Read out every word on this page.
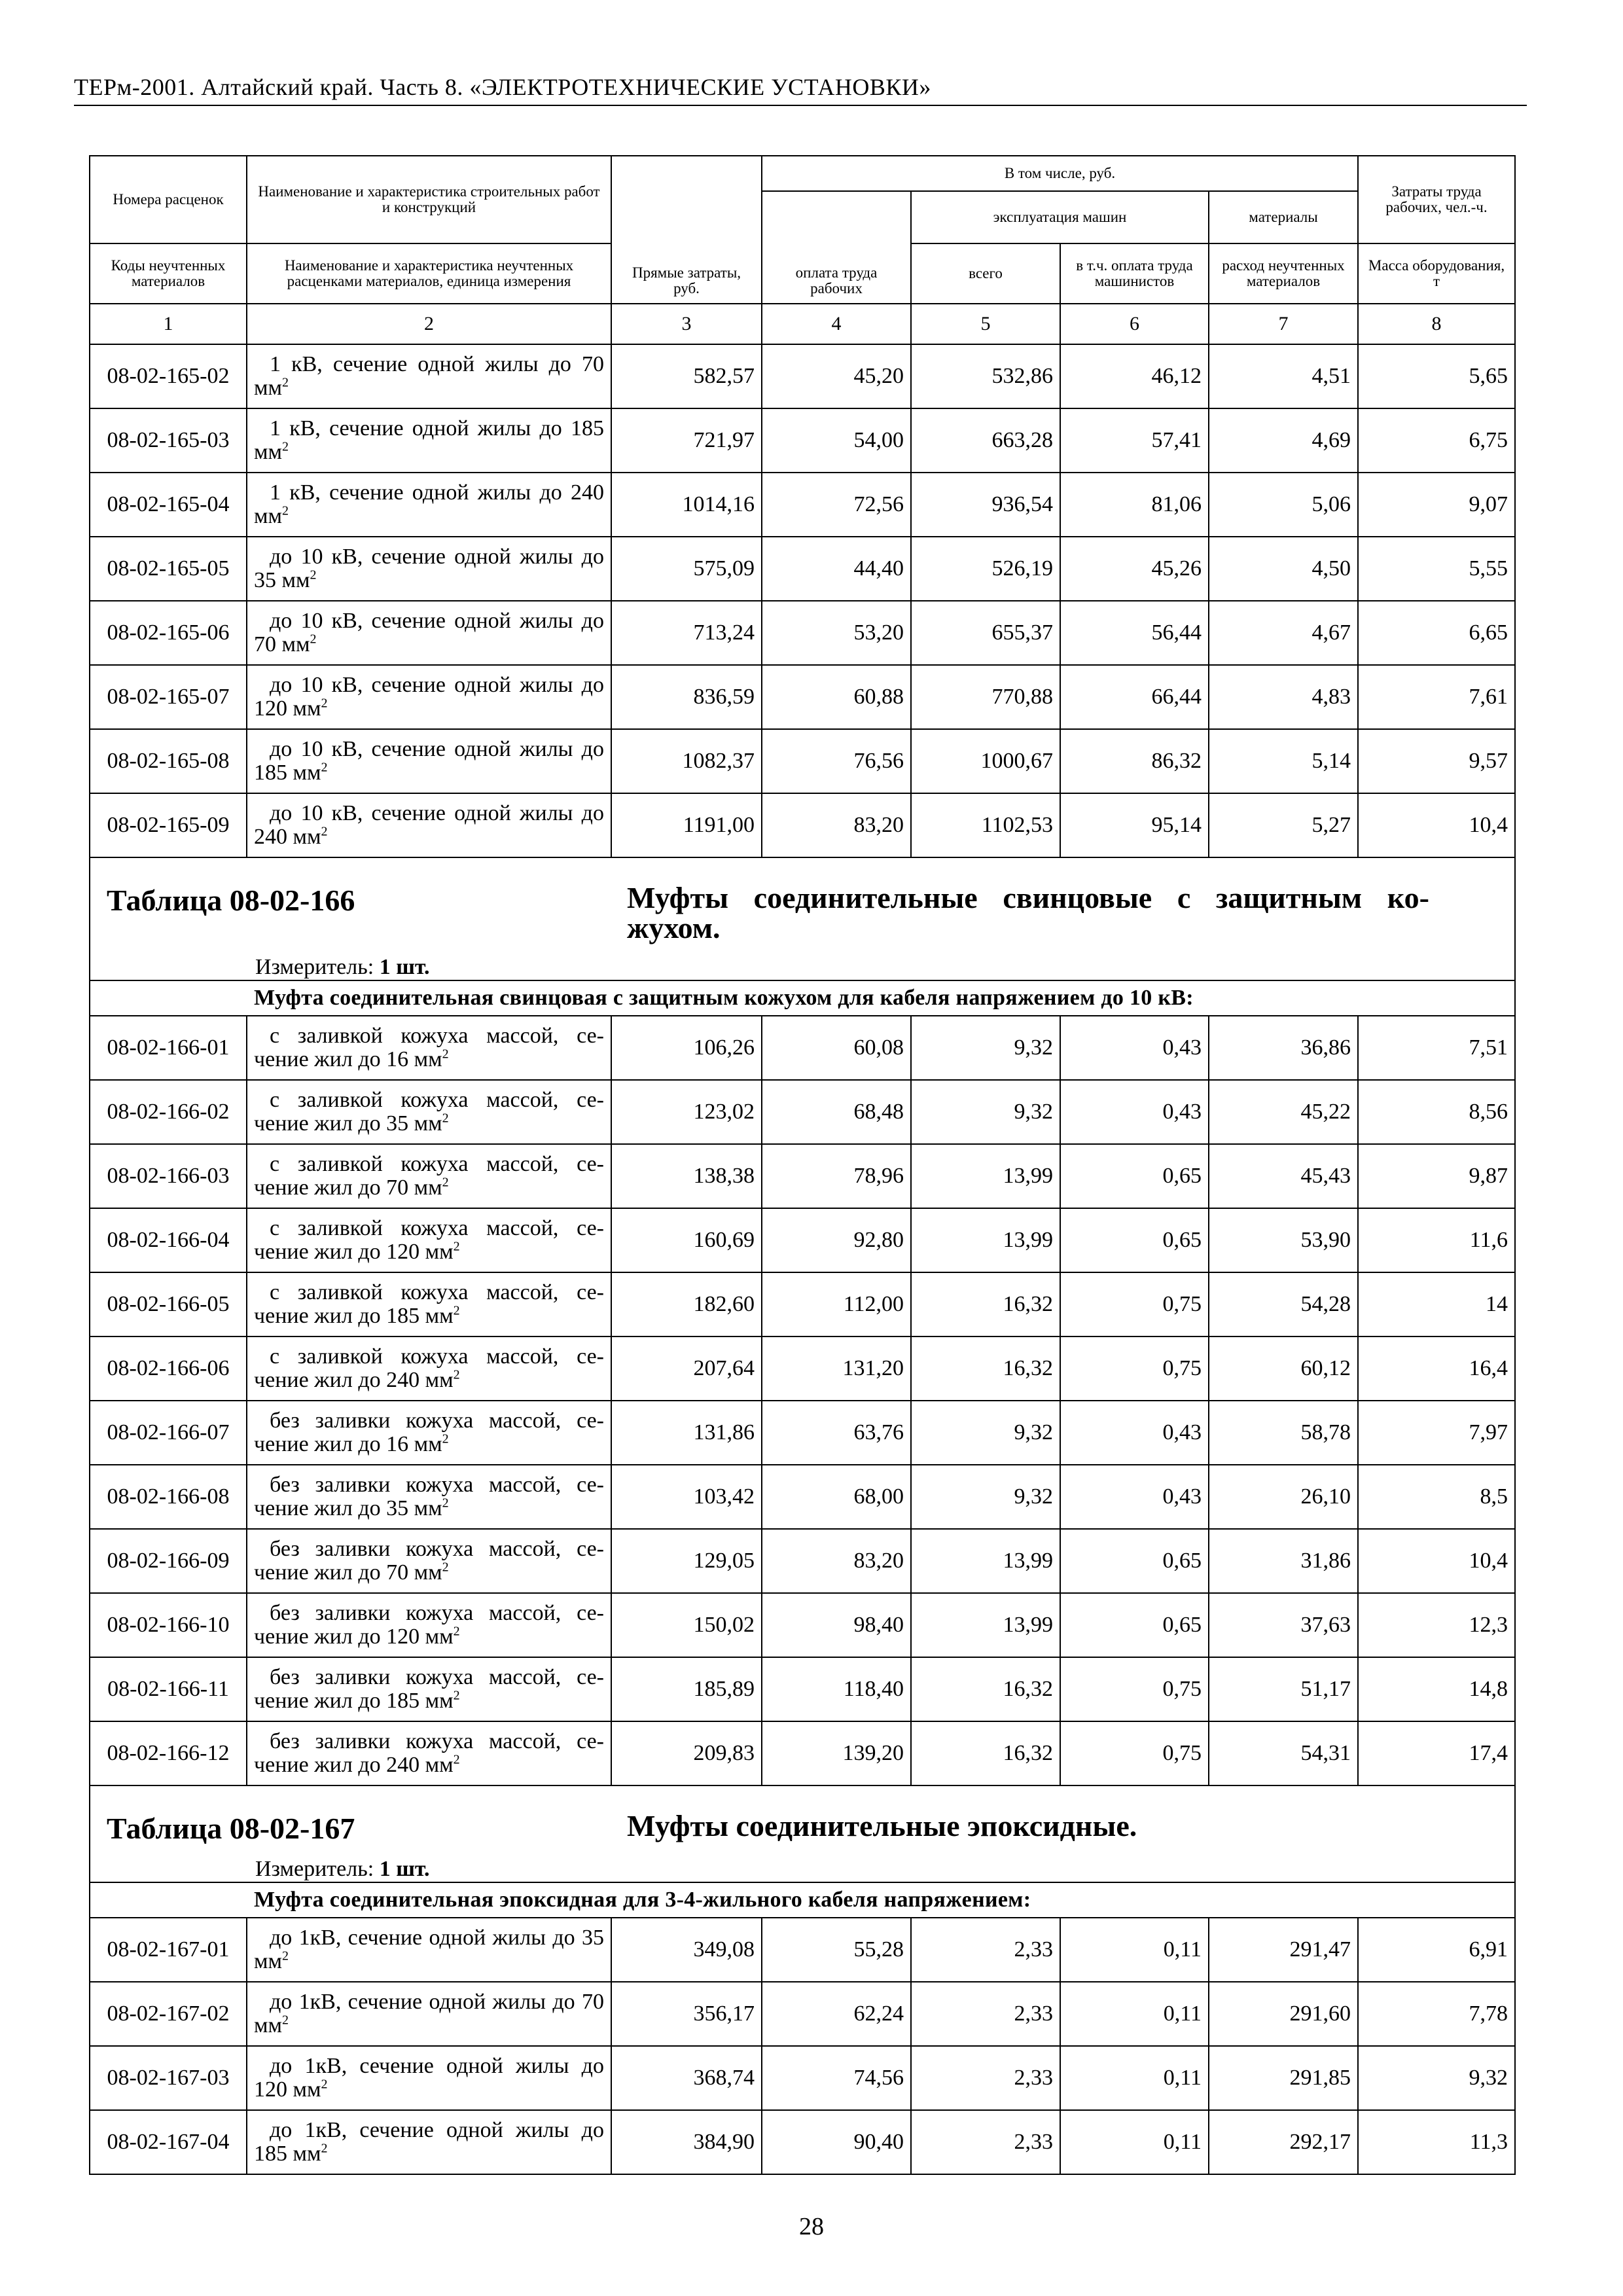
ТЕРм-2001. Алтайский край. Часть 8. «ЭЛЕКТРОТЕХНИЧЕСКИЕ УСТАНОВКИ»
Номера расценок	Наименование и характеристика строительных работ и конструкций	Прямые затраты, руб.	В том числе, руб.				Затраты труда рабочих, чел.-ч.
			оплата труда рабочих	эксплуатация машин		материалы	
Коды неучтенных материалов	Наименование и характеристика неучтенных расценками материалов, единица измерения			всего	в т.ч. оплата труда машинистов	расход неучтенных материалов	Масса оборудования, т
1	2	3	4	5	6	7	8
08-02-165-02	1 кВ, сечение одной жилы до 70 $мм^2$	582,57	45,20	532,86	46,12	4,51	5,65
08-02-165-03	1 кВ, сечение одной жилы до 185 $мм^2$	721,97	54,00	663,28	57,41	4,69	6,75
08-02-165-04	1 кВ, сечение одной жилы до 240 $мм^2$	1014,16	72,56	936,54	81,06	5,06	9,07
08-02-165-05	до 10 кВ, сечение одной жилы до 35 $мм^2$	575,09	44,40	526,19	45,26	4,50	5,55
08-02-165-06	до 10 кВ, сечение одной жилы до 70 $мм^2$	713,24	53,20	655,37	56,44	4,67	6,65
08-02-165-07	до 10 кВ, сечение одной жилы до 120 $мм^2$	836,59	60,88	770,88	66,44	4,83	7,61
08-02-165-08	до 10 кВ, сечение одной жилы до 185 $мм^2$	1082,37	76,56	1000,67	86,32	5,14	9,57
08-02-165-09	до 10 кВ, сечение одной жилы до 240 $мм^2$	1191,00	83,20	1102,53	95,14	5,27	10,4

Таблица 08-02-166 Муфты соединительные свинцовые с защитным ко-жухом.							

Измеритель: 1 шт.							
Муфта соединительная свинцовая с защитным кожухом для кабеля напряжением до 10 кВ:							
08-02-166-01	с заливкой кожуха массой, се-чение жил до 16 $мм^2$	106,26	60,08	9,32	0,43	36,86	7,51
08-02-166-02	с заливкой кожуха массой, се-чение жил до 35 $мм^2$	123,02	68,48	9,32	0,43	45,22	8,56
08-02-166-03	с заливкой кожуха массой, се-чение жил до 70 $мм^2$	138,38	78,96	13,99	0,65	45,43	9,87
08-02-166-04	с заливкой кожуха массой, се-чение жил до 120 $мм^2$	160,69	92,80	13,99	0,65	53,90	11,6
08-02-166-05	с заливкой кожуха массой, се-чение жил до 185 $мм^2$	182,60	112,00	16,32	0,75	54,28	14
08-02-166-06	с заливкой кожуха массой, се-чение жил до 240 $мм^2$	207,64	131,20	16,32	0,75	60,12	16,4
08-02-166-07	без заливки кожуха массой, се-чение жил до 16 $мм^2$	131,86	63,76	9,32	0,43	58,78	7,97
08-02-166-08	без заливки кожуха массой, се-чение жил до 35 $мм^2$	103,42	68,00	9,32	0,43	26,10	8,5
08-02-166-09	без заливки кожуха массой, се-чение жил до 70 $мм^2$	129,05	83,20	13,99	0,65	31,86	10,4
08-02-166-10	без заливки кожуха массой, се-чение жил до 120 $мм^2$	150,02	98,40	13,99	0,65	37,63	12,3
08-02-166-11	без заливки кожуха массой, се-чение жил до 185 $мм^2$	185,89	118,40	16,32	0,75	51,17	14,8
08-02-166-12	без заливки кожуха массой, се-чение жил до 240 $мм^2$	209,83	139,20	16,32	0,75	54,31	17,4

Таблица 08-02-167 Муфты соединительные эпоксидные.							

Измеритель: 1 шт.							
Муфта соединительная эпоксидная для 3-4-жильного кабеля напряжением:							
08-02-167-01	до 1кВ, сечение одной жилы до 35 $мм^2$	349,08	55,28	2,33	0,11	291,47	6,91
08-02-167-02	до 1кВ, сечение одной жилы до 70 $мм^2$	356,17	62,24	2,33	0,11	291,60	7,78
08-02-167-03	до 1кВ, сечение одной жилы до 120 $мм^2$	368,74	74,56	2,33	0,11	291,85	9,32
08-02-167-04	до 1кВ, сечение одной жилы до 185 $мм^2$	384,90	90,40	2,33	0,11	292,17	11,3
28
